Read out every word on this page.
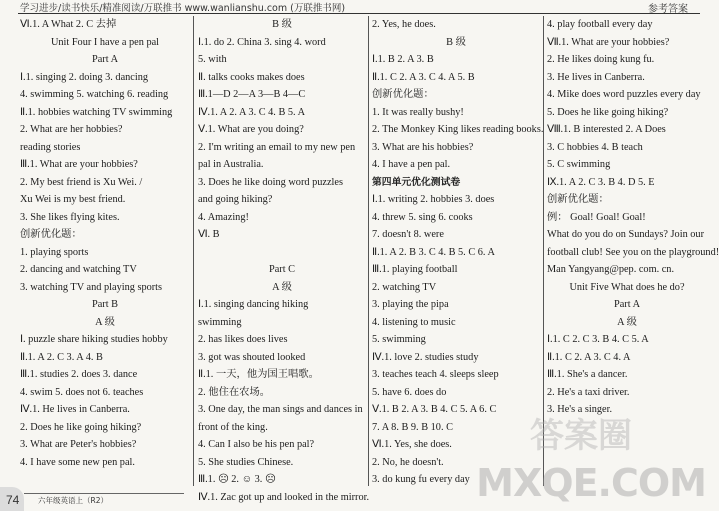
学习进步/读书快乐/精准阅读/万联推书 www.wanlianshu.com (万联推书网)	参考答案
Ⅵ.1. A What 2. C 去掉
Unit Four I have a pen pal
Part A
Ⅰ.1. singing 2. doing 3. dancing
4. swimming 5. watching 6. reading
Ⅱ.1. hobbies watching TV swimming
2. What are her hobbies?
reading stories
Ⅲ.1. What are your hobbies?
2. My best friend is Xu Wei. /
Xu Wei is my best friend.
3. She likes flying kites.
创新优化题：
1. playing sports
2. dancing and watching TV
3. watching TV and playing sports
Part B
A 级
Ⅰ. puzzle share hiking studies hobby
Ⅱ.1. A 2. C 3. A 4. B
Ⅲ.1. studies 2. does 3. dance
4. swim 5. does not 6. teaches
Ⅳ.1. He lives in Canberra.
2. Does he like going hiking?
3. What are Peter's hobbies?
4. I have some new pen pal.
B 级
Ⅰ.1. do 2. China 3. sing 4. word
5. with
Ⅱ. talks cooks makes does
Ⅲ.1—D 2—A 3—B 4—C
Ⅳ.1. A 2. A 3. C 4. B 5. A
Ⅴ.1. What are you doing?
2. I'm writing an email to my new pen
pal in Australia.
3. Does he like doing word puzzles
and going hiking?
4. Amazing!
Ⅵ. B
Part C
A 级
Ⅰ.1. singing dancing hiking
swimming
2. has likes does lives
3. got was shouted looked
Ⅱ.1. 一天，他为国王唱歌。
2. 他住在农场。
3. One day, the man sings and dances in
front of the king.
4. Can I also be his pen pal?
5. She studies Chinese.
Ⅲ.1. ☹ 2. ☺ 3. ☹
Ⅳ.1. Zac got up and looked in the mirror.
2. Yes, he does.
B 级
Ⅰ.1. B 2. A 3. B
Ⅱ.1. C 2. A 3. C 4. A 5. B
创新优化题：
1. It was really bushy!
2. The Monkey King likes reading books.
3. What are his hobbies?
4. I have a pen pal.
第四单元优化测试卷
Ⅰ.1. writing 2. hobbies 3. does
4. threw 5. sing 6. cooks
7. doesn't 8. were
Ⅱ.1. A 2. B 3. C 4. B 5. C 6. A
Ⅲ.1. playing football
2. watching TV
3. playing the pipa
4. listening to music
5. swimming
Ⅳ.1. love 2. studies study
3. teaches teach 4. sleeps sleep
5. have 6. does do
Ⅴ.1. B 2. A 3. B 4. C 5. A 6. C
7. A 8. B 9. B 10. C
Ⅵ.1. Yes, she does.
2. No, he doesn't.
3. do kung fu every day
4. play football every day
Ⅶ.1. What are your hobbies?
2. He likes doing kung fu.
3. He lives in Canberra.
4. Mike does word puzzles every day
5. Does he like going hiking?
Ⅷ.1. B interested 2. A Does
3. C hobbies 4. B teach
5. C swimming
Ⅸ.1. A 2. C 3. B 4. D 5. E
创新优化题：
例： Goal! Goal! Goal!
What do you do on Sundays? Join our
football club! See you on the playground!
Man Yangyang@pep. com. cn.
Unit Five What does he do?
Part A
A 级
Ⅰ.1. C 2. C 3. B 4. C 5. A
Ⅱ.1. C 2. A 3. C 4. A
Ⅲ.1. She's a dancer.
2. He's a taxi driver.
3. He's a singer.
答案圈
MXQE.COM
74 六年级英语上（R2）
